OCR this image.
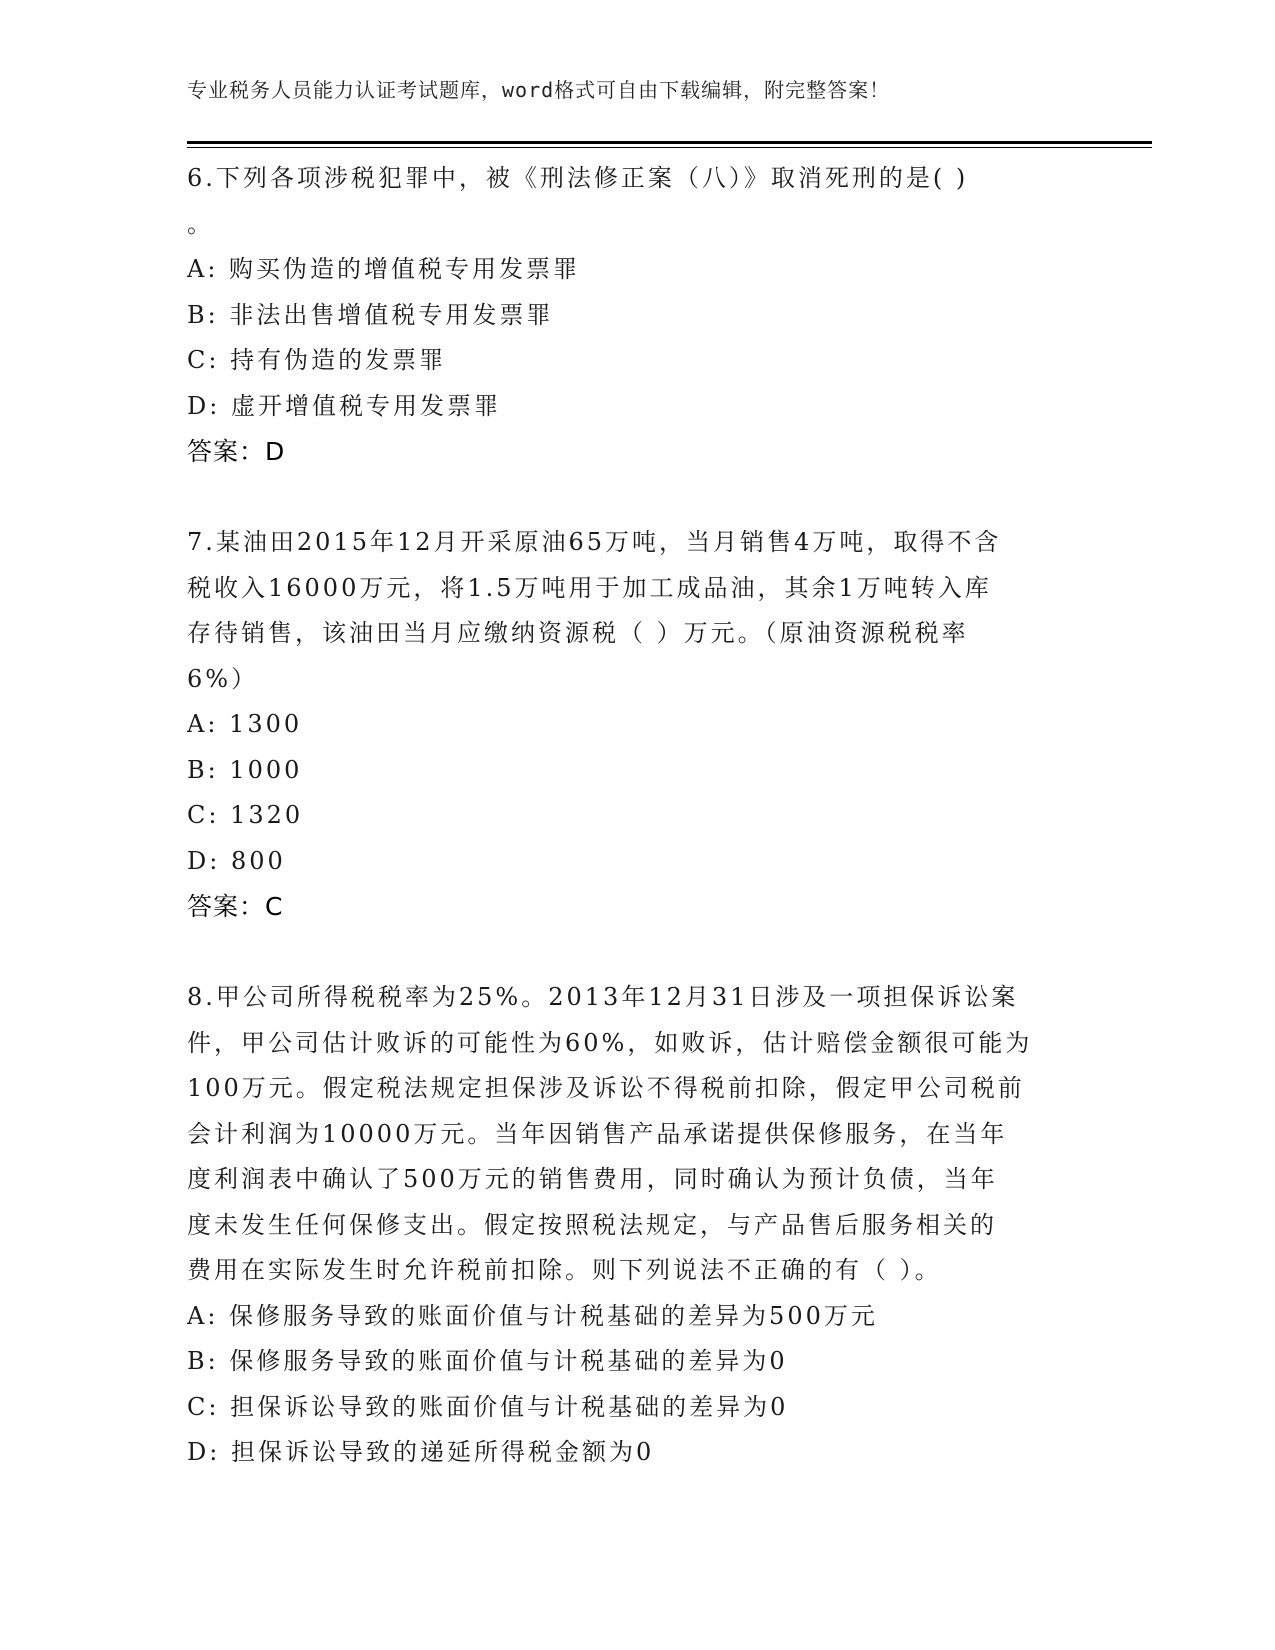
专业税务人员能力认证考试题库，word格式可自由下载编辑，附完整答案！
6.下列各项涉税犯罪中，被《刑法修正案（八）》取消死刑的是( )
。
A: 购买伪造的增值税专用发票罪
B: 非法出售增值税专用发票罪
C: 持有伪造的发票罪
D: 虚开增值税专用发票罪
答案：D
7.某油田2015年12月开采原油65万吨，当月销售4万吨，取得不含
税收入16000万元，将1.5万吨用于加工成品油，其余1万吨转入库
存待销售，该油田当月应缴纳资源税（ ）万元。（原油资源税税率
6%）
A: 1300
B: 1000
C: 1320
D: 800
答案：C
8.甲公司所得税税率为25%。2013年12月31日涉及一项担保诉讼案
件，甲公司估计败诉的可能性为60%，如败诉，估计赔偿金额很可能为
100万元。假定税法规定担保涉及诉讼不得税前扣除，假定甲公司税前
会计利润为10000万元。当年因销售产品承诺提供保修服务，在当年
度利润表中确认了500万元的销售费用，同时确认为预计负债，当年
度未发生任何保修支出。假定按照税法规定，与产品售后服务相关的
费用在实际发生时允许税前扣除。则下列说法不正确的有（ ）。
A: 保修服务导致的账面价值与计税基础的差异为500万元
B: 保修服务导致的账面价值与计税基础的差异为0
C: 担保诉讼导致的账面价值与计税基础的差异为0
D: 担保诉讼导致的递延所得税金额为0
